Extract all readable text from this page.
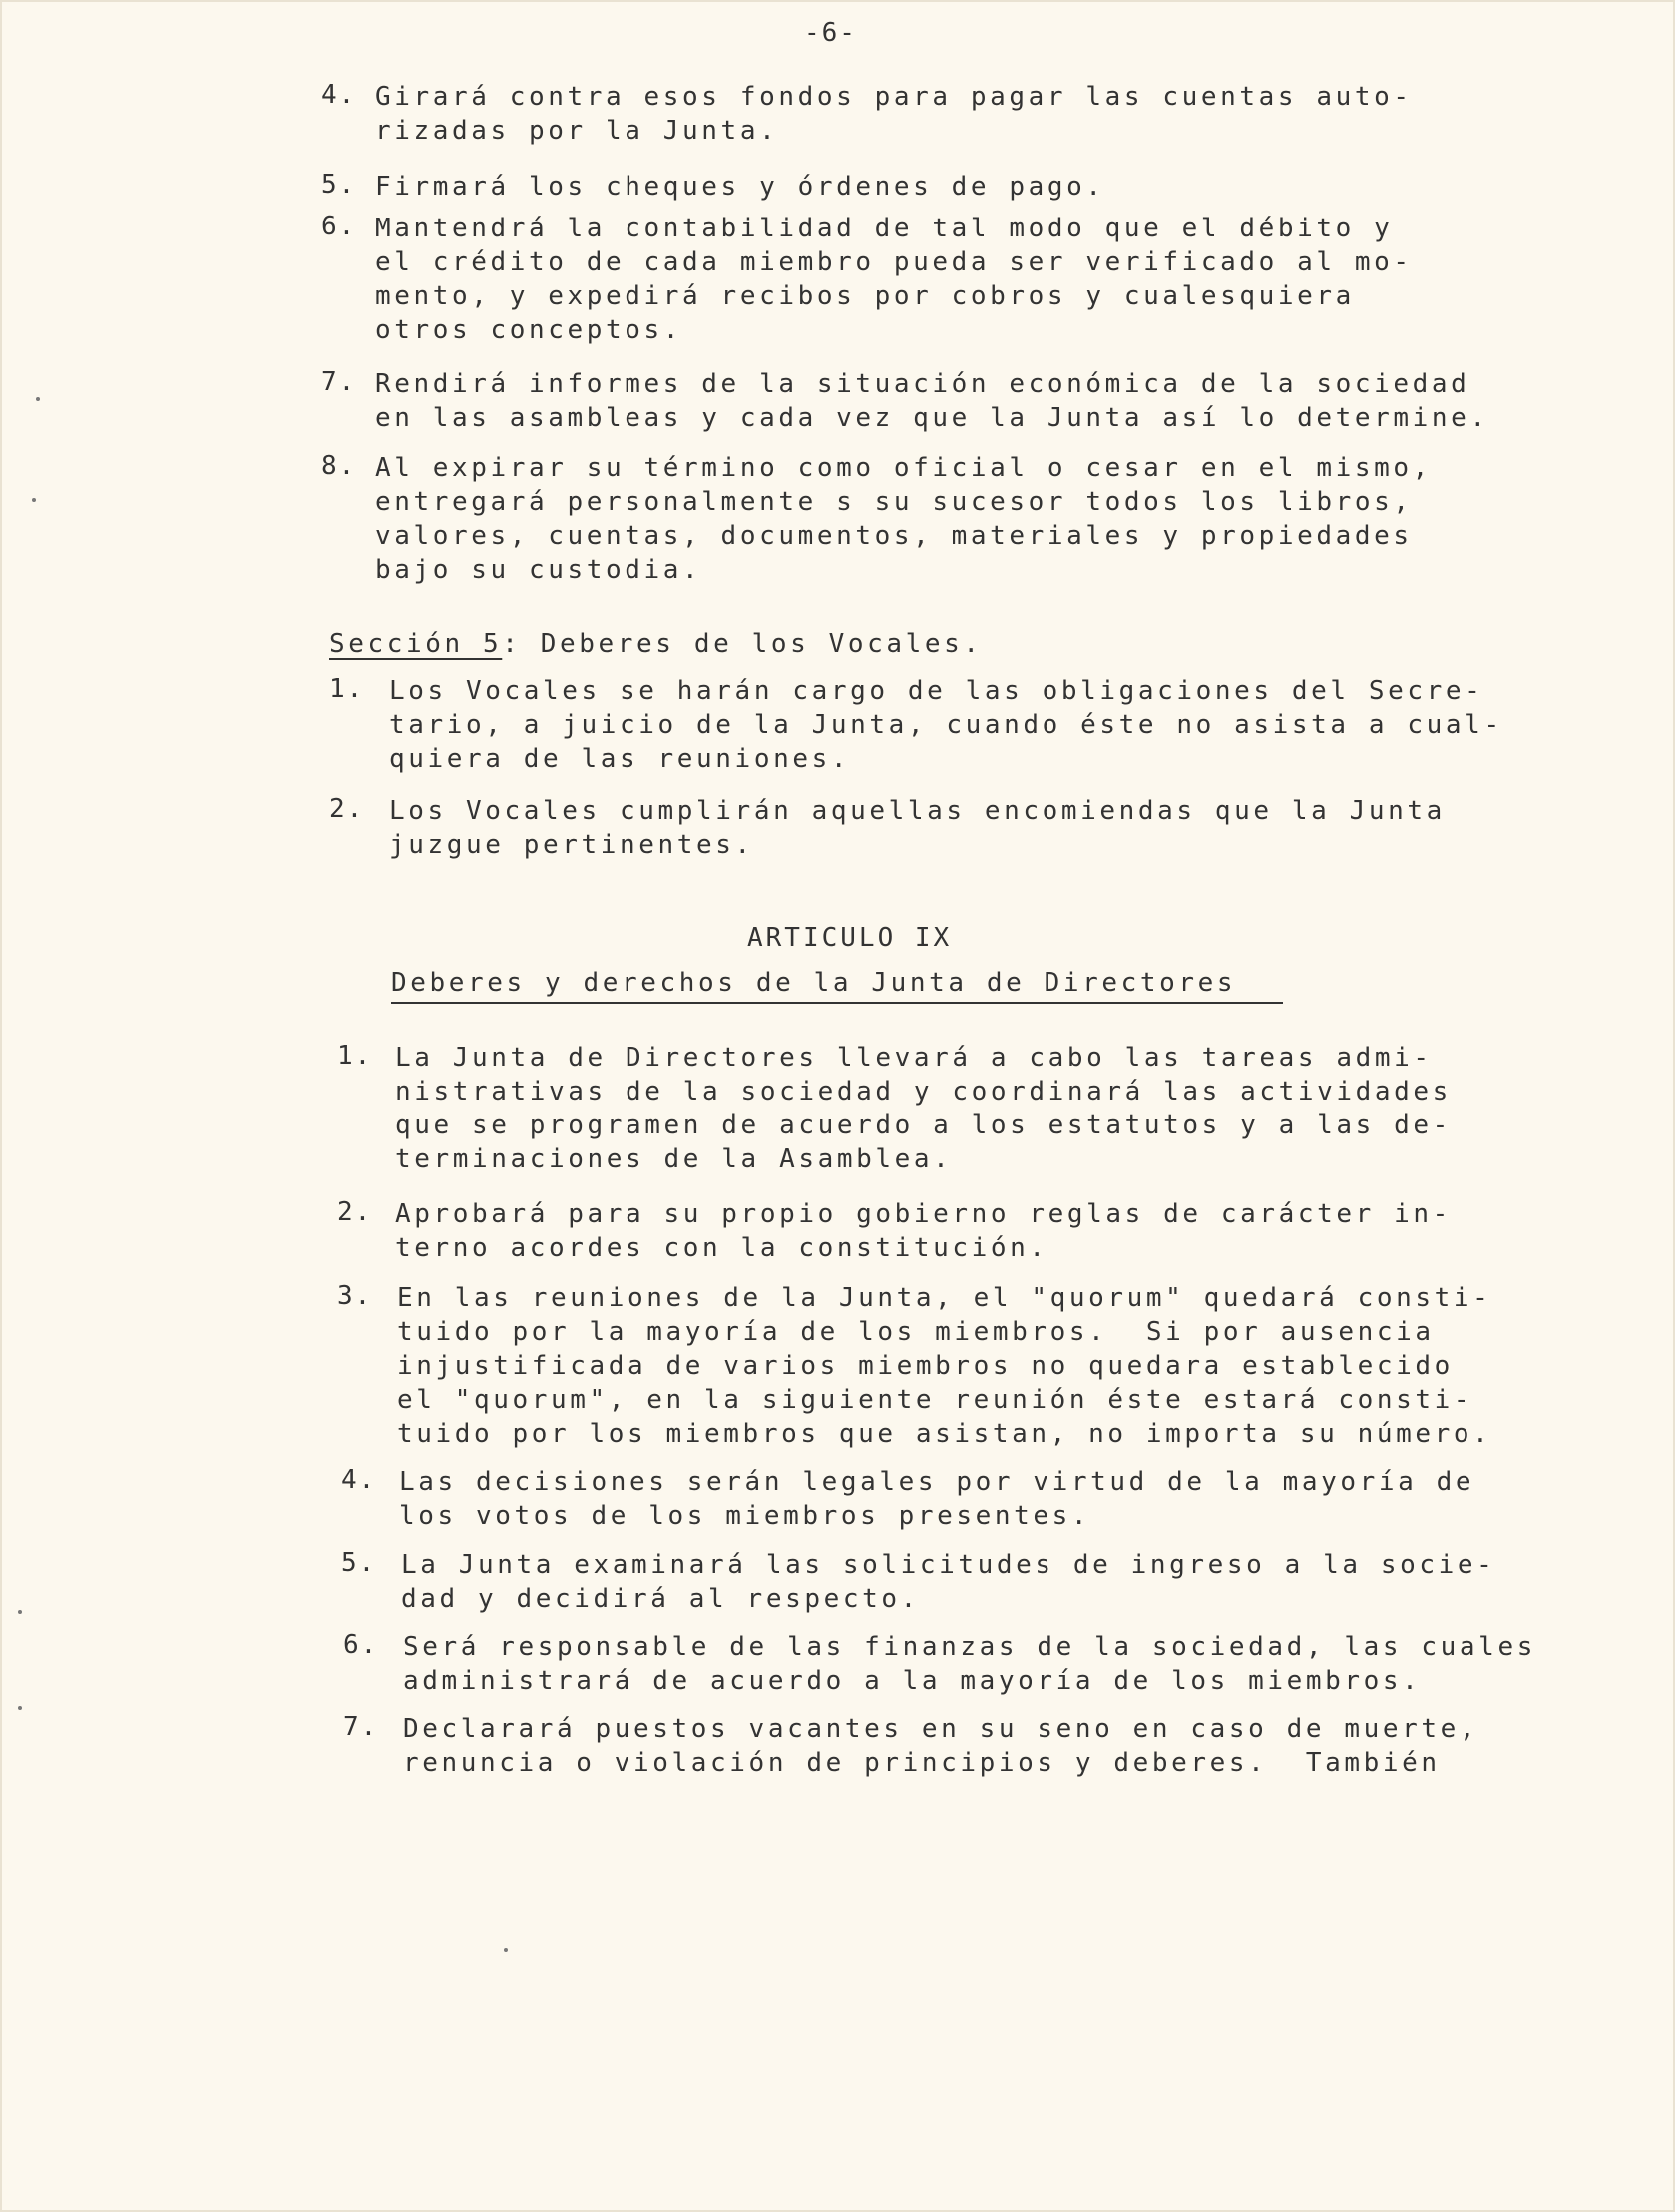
-6-
4. Girará contra esos fondos para pagar las cuentas auto-
rizadas por la Junta.
5. Firmará los cheques y órdenes de pago.
6. Mantendrá la contabilidad de tal modo que el débito y
el crédito de cada miembro pueda ser verificado al mo-
mento, y expedirá recibos por cobros y cualesquiera
otros conceptos.
7. Rendirá informes de la situación económica de la sociedad
en las asambleas y cada vez que la Junta así lo determine.
8. Al expirar su término como oficial o cesar en el mismo,
entregará personalmente s su sucesor todos los libros,
valores, cuentas, documentos, materiales y propiedades
bajo su custodia.
Sección 5: Deberes de los Vocales.
1. Los Vocales se harán cargo de las obligaciones del Secre-
tario, a juicio de la Junta, cuando éste no asista a cual-
quiera de las reuniones.
2. Los Vocales cumplirán aquellas encomiendas que la Junta
juzgue pertinentes.
ARTICULO IX
Deberes y derechos de la Junta de Directores
1. La Junta de Directores llevará a cabo las tareas admi-
nistrativas de la sociedad y coordinará las actividades
que se programen de acuerdo a los estatutos y a las de-
terminaciones de la Asamblea.
2. Aprobará para su propio gobierno reglas de carácter in-
terno acordes con la constitución.
3. En las reuniones de la Junta, el "quorum" quedará consti-
tuido por la mayoría de los miembros.  Si por ausencia
injustificada de varios miembros no quedara establecido
el "quorum", en la siguiente reunión éste estará consti-
tuido por los miembros que asistan, no importa su número.
4. Las decisiones serán legales por virtud de la mayoría de
los votos de los miembros presentes.
5. La Junta examinará las solicitudes de ingreso a la socie-
dad y decidirá al respecto.
6. Será responsable de las finanzas de la sociedad, las cuales
administrará de acuerdo a la mayoría de los miembros.
7. Declarará puestos vacantes en su seno en caso de muerte,
renuncia o violación de principios y deberes.  También
